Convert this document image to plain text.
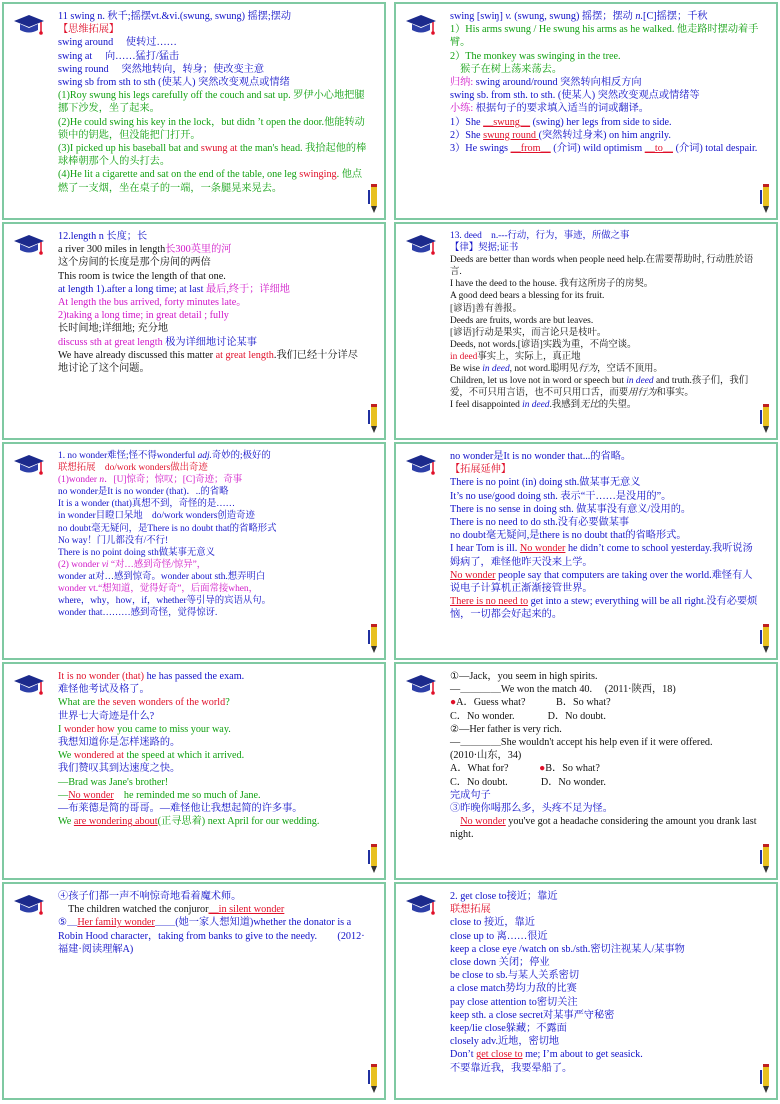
11 swing n. 秋千;摇摆vt.&vi.(swung, swung) 摇摆;摆动
【思维拓展】
swing around　 使转过……
swing at　 向……猛打/猛击
swing round　 突然地转向，转身；使改变主意
swing sb from sth to sth (使某人) 突然改变观点或情绪
(1)Roy swung his legs carefully off the couch and sat up. 罗伊小心地把腿挪下沙发，坐了起来。
(2)He could swing his key in the lock，but didn ’t open the door.他能转动锁中的钥匙，但没能把门打开。
(3)I picked up his baseball bat and swung at the man's head. 我拾起他的棒球棒朝那个人的头打去。
(4)He lit a cigarette and sat on the end of the table, one leg swinging. 他点燃了一支烟，坐在桌子的一端，一条腿晃来晃去。
swing [swiŋ] v. (swung, swung) 摇摆；摆动 n.[C]摇摆；千秋
1）His arms swung / He swung his arms as he walked. 他走路时摆动着手臂。
2）The monkey was swinging in the tree.
　猴子在树上荡来荡去。
归纳: swing around/round 突然转向相反方向
swing sb. from sth. to sth. (使某人) 突然改变观点或情绪等
小练: 根据句子的要求填入适当的词或翻译。
1）She ＿swung＿ (swing) her legs from side to side.
2）She swung round (突然转过身来) on him angrily.
3）He swings ＿from＿ (介词) wild optimism ＿to＿ (介词) total despair.
12.length n 长度；长
a river 300 miles in length长300英里的河
这个房间的长度是那个房间的两倍
This room is twice the length of that one.
at length 1).after a long time; at last 最后,终于；详细地
At length the bus arrived, forty minutes late。
2)taking a long time; in great detail ; fully
长时间地;详细地; 充分地
discuss sth at great length 极为详细地讨论某事
We have already discussed this matter at great length.我们已经十分详尽地讨论了这个问题。
13. deed　n.---行动，行为，事迹，所做之事
【律】契据;证书
Deeds are better than words when people need help.在需要帮助时, 行动胜於语言.
I have the deed to the house. 我有这所房子的房契。
A good deed bears a blessing for its fruit.
[谚语]善有善报。
Deeds are fruits, words are but leaves.
[谚语]行动是果实，而言论只是枝叶。
Deeds, not words.[谚语]实践为重，不尚空谈。
in deed事实上，实际上，真正地
Be wise in deed, not word.聪明见行为，空话不顶用。
Children, let us love not in word or speech but in deed and truth.孩子们，我们爱，不可只用言语，也不可只用口舌，而要用行为和事实。
I feel disappointed in deed.我感到无比的失望。
1. no wonder难怪;怪不得wonderful adj.奇妙的;极好的
联想拓展　do/work wonders做出奇迹
(1)wonder n．[U]惊奇；惊叹；[C]奇迹；奇事
no wonder是It is no wonder (that)．..的省略
It is a wonder (that)真想不到，奇怪的是……
in wonder目瞪口呆地　do/work wonders创造奇迹
no doubt毫无疑问，是There is no doubt that的省略形式
No way！门儿都没有/不行!
There is no point doing sth做某事无意义
(2) wonder vi “对…感到奇怪/惊异”，
wonder at对…感到惊奇。wonder about sth.想弄明白
wonder vt.“想知道，觉得好奇”，后面常接when，
where，why，how，if，whether等引导的宾语从句。
wonder that………感到奇怪，觉得惊讶.
no wonder是It is no wonder that...的省略。
【拓展延伸】
There is no point (in) doing sth.做某事无意义
It’s no use/good doing sth. 表示“干……是没用的”。
There is no sense in doing sth. 做某事没有意义/没用的。
There is no need to do sth.没有必要做某事
no doubt毫无疑问,是there is no doubt that的省略形式。
I hear Tom is ill. No wonder he didn’t come to school yesterday.我听说汤姆病了，难怪他昨天没来上学。
No wonder people say that computers are taking over the world.难怪有人说电子计算机正渐渐接管世界。
There is no need to get into a stew; everything will be all right.没有必要烦恼，一切都会好起来的。
It is no wonder (that) he has passed the exam.
难怪他考试及格了。
What are the seven wonders of the world?
世界七大奇迹是什么?
I wonder how you came to miss your way.
我想知道你是怎样迷路的。
We wondered at the speed at which it arrived.
我们赞叹其到达速度之快。
—Brad was Jane's brother!
—No wonder　he reminded me so much of Jane.
—布莱德是简的哥哥。—难怪他让我想起简的许多事。
We are wondering about(正寻思着) next April for our wedding.
①—Jack，you seem in high spirits.
—＿＿＿＿We won the match 40.　 (2011·陕西，18)
●A．Guess what?　　　B．So what?
C．No wonder.　　　 D．No doubt.
②—Her father is very rich.
—＿＿＿＿She wouldn't accept his help even if it were offered.　　　　(2010·山东，34)
A．What for?　　　●B．So what?
C．No doubt.　　　 D．No wonder.
完成句子
③昨晚你喝那么多，头疼不足为怪。
　No wonder you've got a headache considering the amount you drank last night.
④孩子们都一声不响惊奇地看着魔术师。
　The children watched the conjuror＿in silent wonder
⑤＿Her family wonder＿＿(她一家人想知道)whether the donator is a Robin Hood character，taking from banks to give to the needy.　　(2012·福建·阅读理解A)
2. get close to接近；靠近
联想拓展
close to 接近，靠近
close up to 离……很近
keep a close eye /watch on sb./sth.密切注视某人/某事物
close down 关闭；停业
be close to sb.与某人关系密切
a close match势均力敌的比赛
pay close attention to密切关注
keep sth. a close secret对某事严守秘密
keep/lie close躲藏；不露面
closely adv.近地，密切地
Don’t get close to me; I’m about to get seasick.
不要靠近我，我要晕船了。
